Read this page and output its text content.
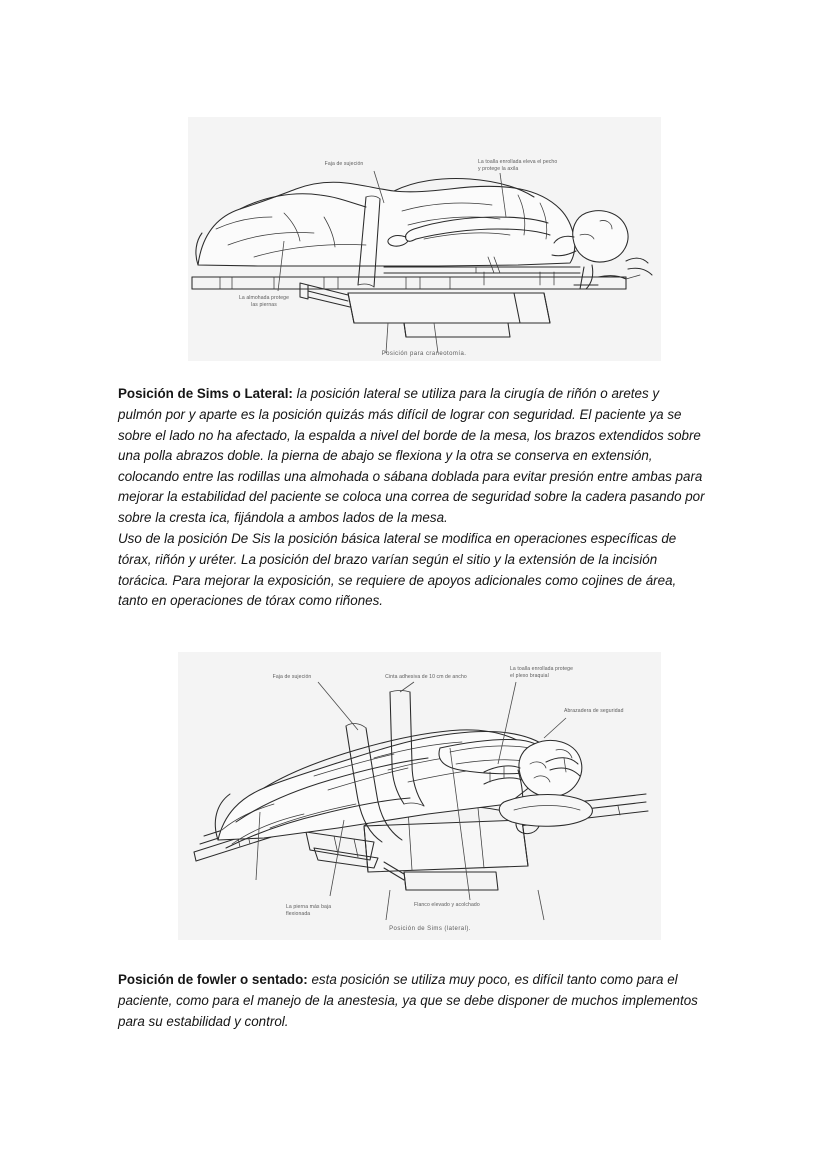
Faja de sujeción	La toalla enrollada eleva el pecho
y protege la axila
La almohada protege
las piernas
Posición para craneotomía.
Faja de sujeción	Cinta adhesiva de 10 cm de ancho
La toalla enrollada protege
el plexo braquial
Abrazadera de seguridad
La pierna más baja
flexionada
Flanco elevado y acolchado
Posición de Sims (lateral).

Posición de Sims o Lateral: la posición lateral se utiliza para la cirugía de riñón o aretes y pulmón por y aparte es la posición quizás más difícil de lograr con seguridad. El paciente ya se sobre el lado no ha afectado, la espalda a nivel del borde de la mesa, los brazos extendidos sobre una polla abrazos doble. la pierna de abajo se flexiona y la otra se conserva en extensión, colocando entre las rodillas una almohada o sábana doblada para evitar presión entre ambas para mejorar la estabilidad del paciente se coloca una correa de seguridad sobre la cadera pasando por sobre la cresta ica, fijándola a ambos lados de la mesa.

Uso de la posición De Sis la posición básica lateral se modifica en operaciones específicas de tórax, riñón y uréter. La posición del brazo varían según el sitio y la extensión de la incisión torácica. Para mejorar la exposición, se requiere de apoyos adicionales como cojines de área, tanto en operaciones de tórax como riñones.

Posición de fowler o sentado: esta posición se utiliza muy poco, es difícil tanto como para el paciente, como para el manejo de la anestesia, ya que se debe disponer de muchos implementos para su estabilidad y control.
